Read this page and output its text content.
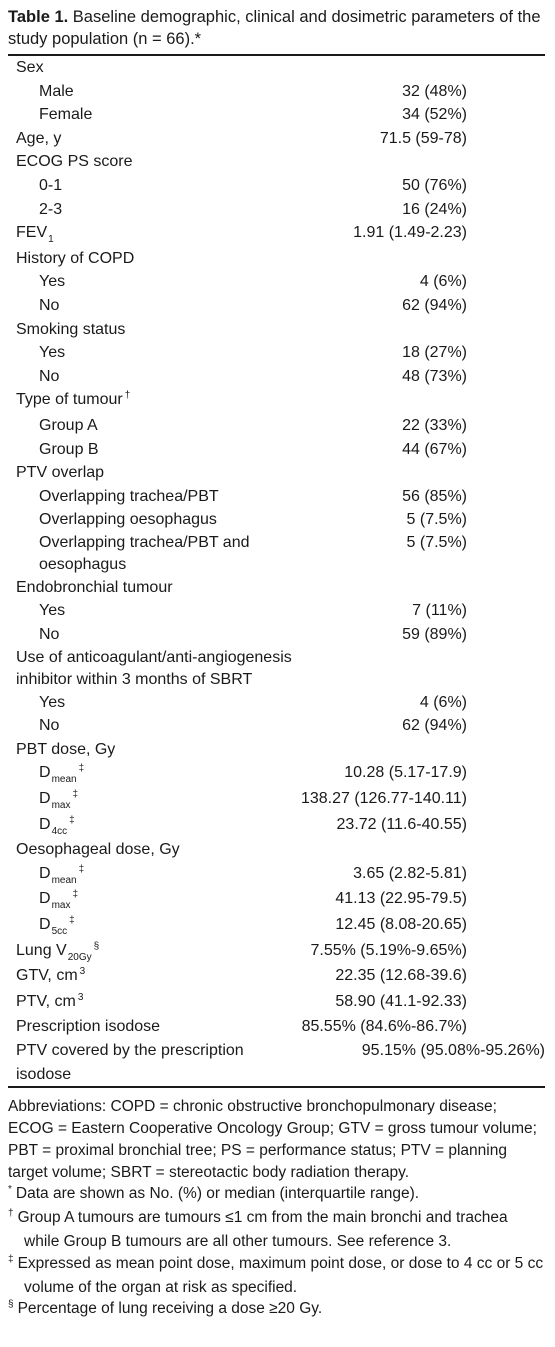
Table 1. Baseline demographic, clinical and dosimetric parameters of the study population (n = 66).*
Sex	
Male	32 (48%)
Female	34 (52%)
Age, y	71.5 (59-78)
ECOG PS score	
0-1	50 (76%)
2-3	16 (24%)
$FEV_1$	1.91 (1.49-2.23)
History of COPD	
Yes	4 (6%)
No	62 (94%)
Smoking status	
Yes	18 (27%)
No	48 (73%)
Type of tumour †	
Group A	22 (33%)
Group B	44 (67%)
PTV overlap	
Overlapping trachea/PBT	56 (85%)
Overlapping oesophagus	5 (7.5%)
Overlapping trachea/PBT and oesophagus	5 (7.5%)
Endobronchial tumour	
Yes	7 (11%)
No	59 (89%)
Use of anticoagulant/anti-angiogenesis inhibitor within 3 months of SBRT	
Yes	4 (6%)
No	62 (94%)
PBT dose, Gy	
$D_{mean}^\ddagger$	10.28 (5.17-17.9)
$D_{max}^\ddagger$	138.27 (126.77-140.11)
$D_{4cc}^\ddagger$	23.72 (11.6-40.55)
Oesophageal dose, Gy	
$D_{mean}^\ddagger$	3.65 (2.82-5.81)
$D_{max}^\ddagger$	41.13 (22.95-79.5)
$D_{5cc}^\ddagger$	12.45 (8.08-20.65)
Lung $V_{20Gy}^\S$	7.55% (5.19%-9.65%)
GTV, cm $^3$	22.35 (12.68-39.6)
PTV, cm $^3$	58.90 (41.1-92.33)
Prescription isodose	85.55% (84.6%-86.7%)
PTV covered by the prescription isodose	95.15% (95.08%-95.26%)

Abbreviations: COPD = chronic obstructive bronchopulmonary disease; ECOG = Eastern Cooperative Oncology Group; GTV = gross tumour volume; PBT = proximal bronchial tree; PS = performance status; PTV = planning target volume; SBRT = stereotactic body radiation therapy.

* Data are shown as No. (%) or median (interquartile range).

† Group A tumours are tumours ≤1 cm from the main bronchi and trachea while Group B tumours are all other tumours. See reference 3.

‡ Expressed as mean point dose, maximum point dose, or dose to 4 cc or 5 cc volume of the organ at risk as specified.

§ Percentage of lung receiving a dose ≥20 Gy.
